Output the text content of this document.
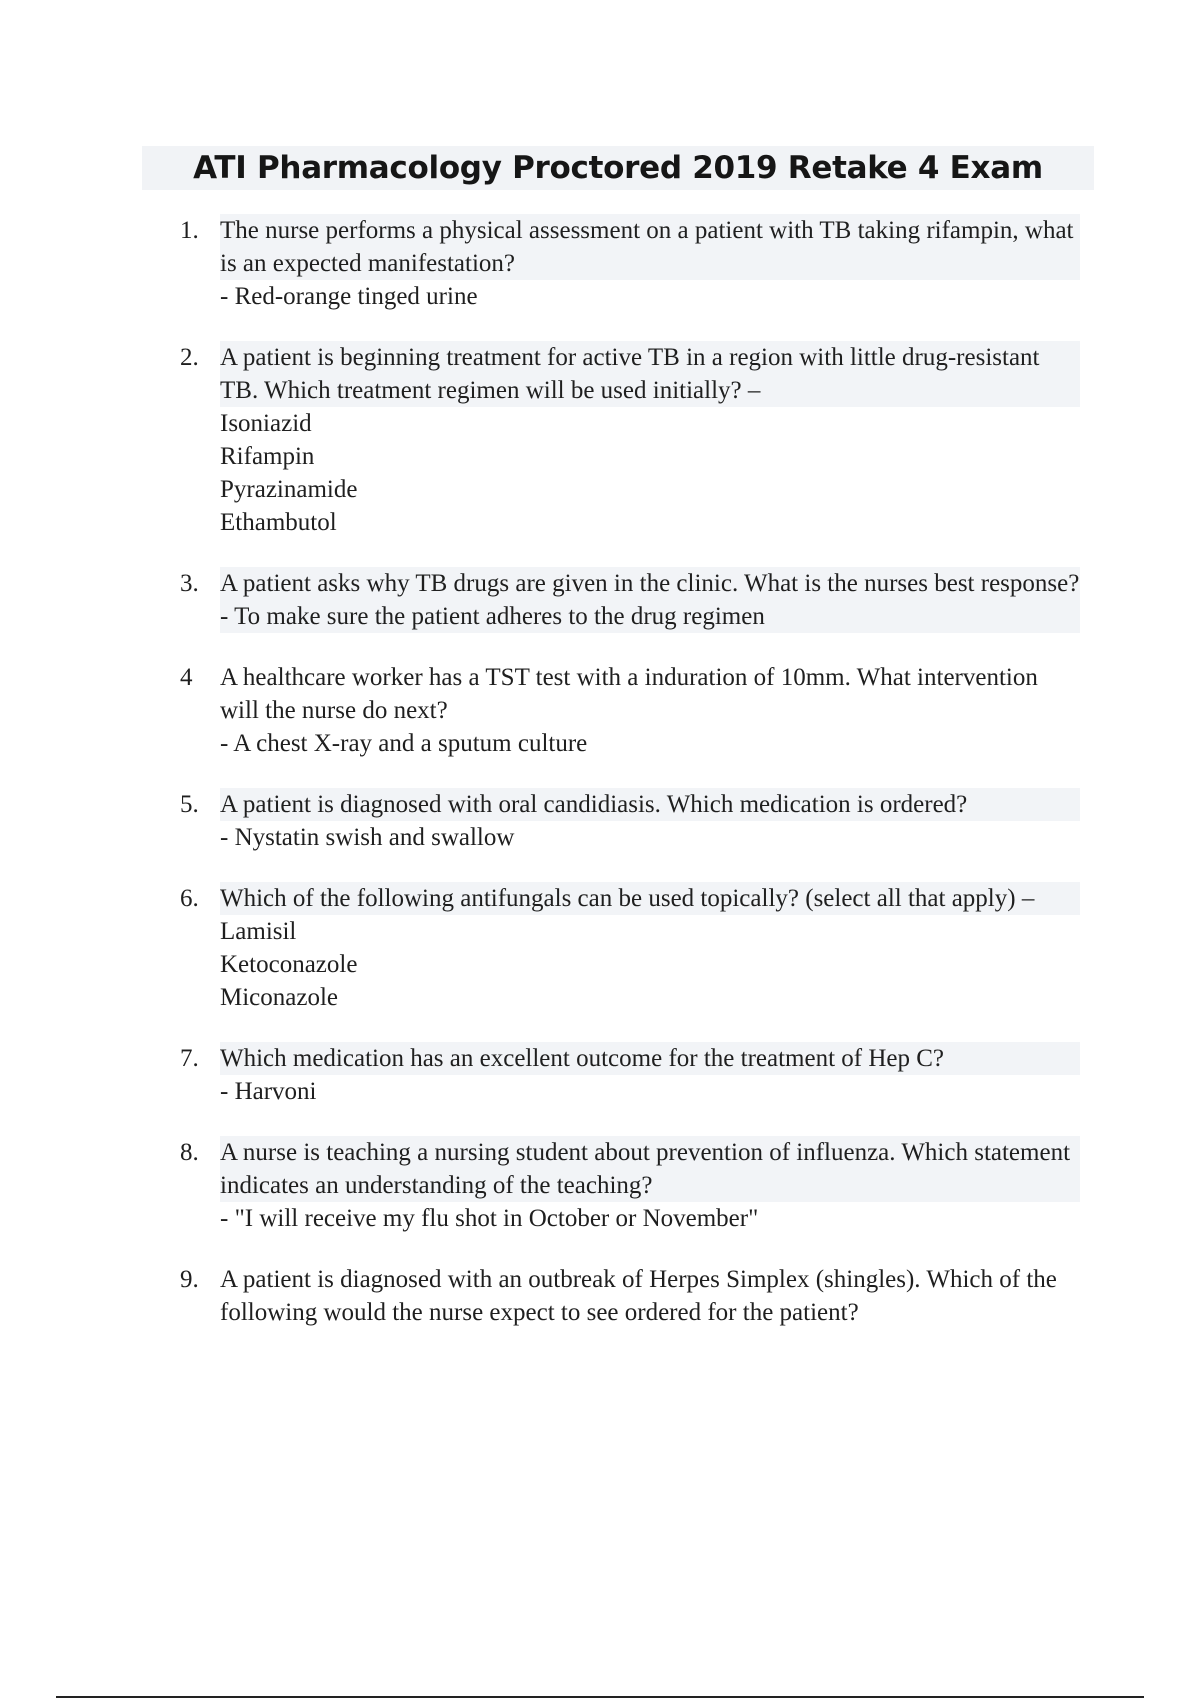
ATI Pharmacology Proctored 2019 Retake 4 Exam
1. The nurse performs a physical assessment on a patient with TB taking rifampin, what is an expected manifestation?
- Red-orange tinged urine
2. A patient is beginning treatment for active TB in a region with little drug-resistant TB. Which treatment regimen will be used initially? –
Isoniazid
Rifampin
Pyrazinamide
Ethambutol
3. A patient asks why TB drugs are given in the clinic. What is the nurses best response?
- To make sure the patient adheres to the drug regimen
4	A healthcare worker has a TST test with a induration of 10mm. What intervention will the nurse do next?
- A chest X-ray and a sputum culture
5. A patient is diagnosed with oral candidiasis. Which medication is ordered?
- Nystatin swish and swallow
6. Which of the following antifungals can be used topically? (select all that apply) –
Lamisil
Ketoconazole
Miconazole
7. Which medication has an excellent outcome for the treatment of Hep C?
- Harvoni
8. A nurse is teaching a nursing student about prevention of influenza. Which statement indicates an understanding of the teaching?
- "I will receive my flu shot in October or November"
9. A patient is diagnosed with an outbreak of Herpes Simplex (shingles). Which of the following would the nurse expect to see ordered for the patient?
